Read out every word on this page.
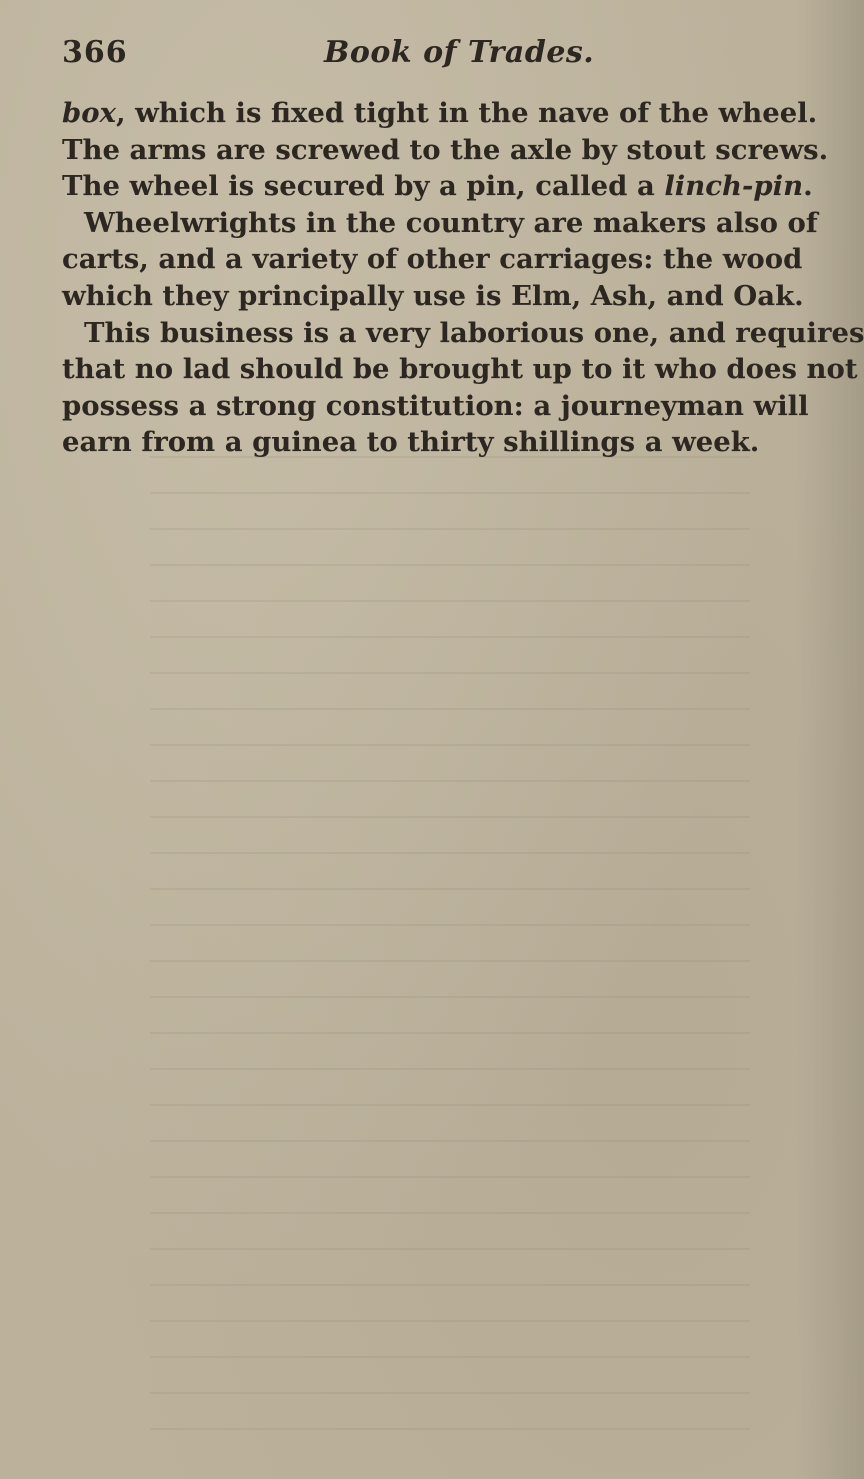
366	Book of Trades.
box, which is fixed tight in the nave of the wheel.
The arms are screwed to the axle by stout screws.
The wheel is secured by a pin, called a linch-pin.
Wheelwrights in the country are makers also of
carts, and a variety of other carriages: the wood
which they principally use is Elm, Ash, and Oak.
This business is a very laborious one, and requires
that no lad should be brought up to it who does not
possess a strong constitution: a journeyman will
earn from a guinea to thirty shillings a week.
